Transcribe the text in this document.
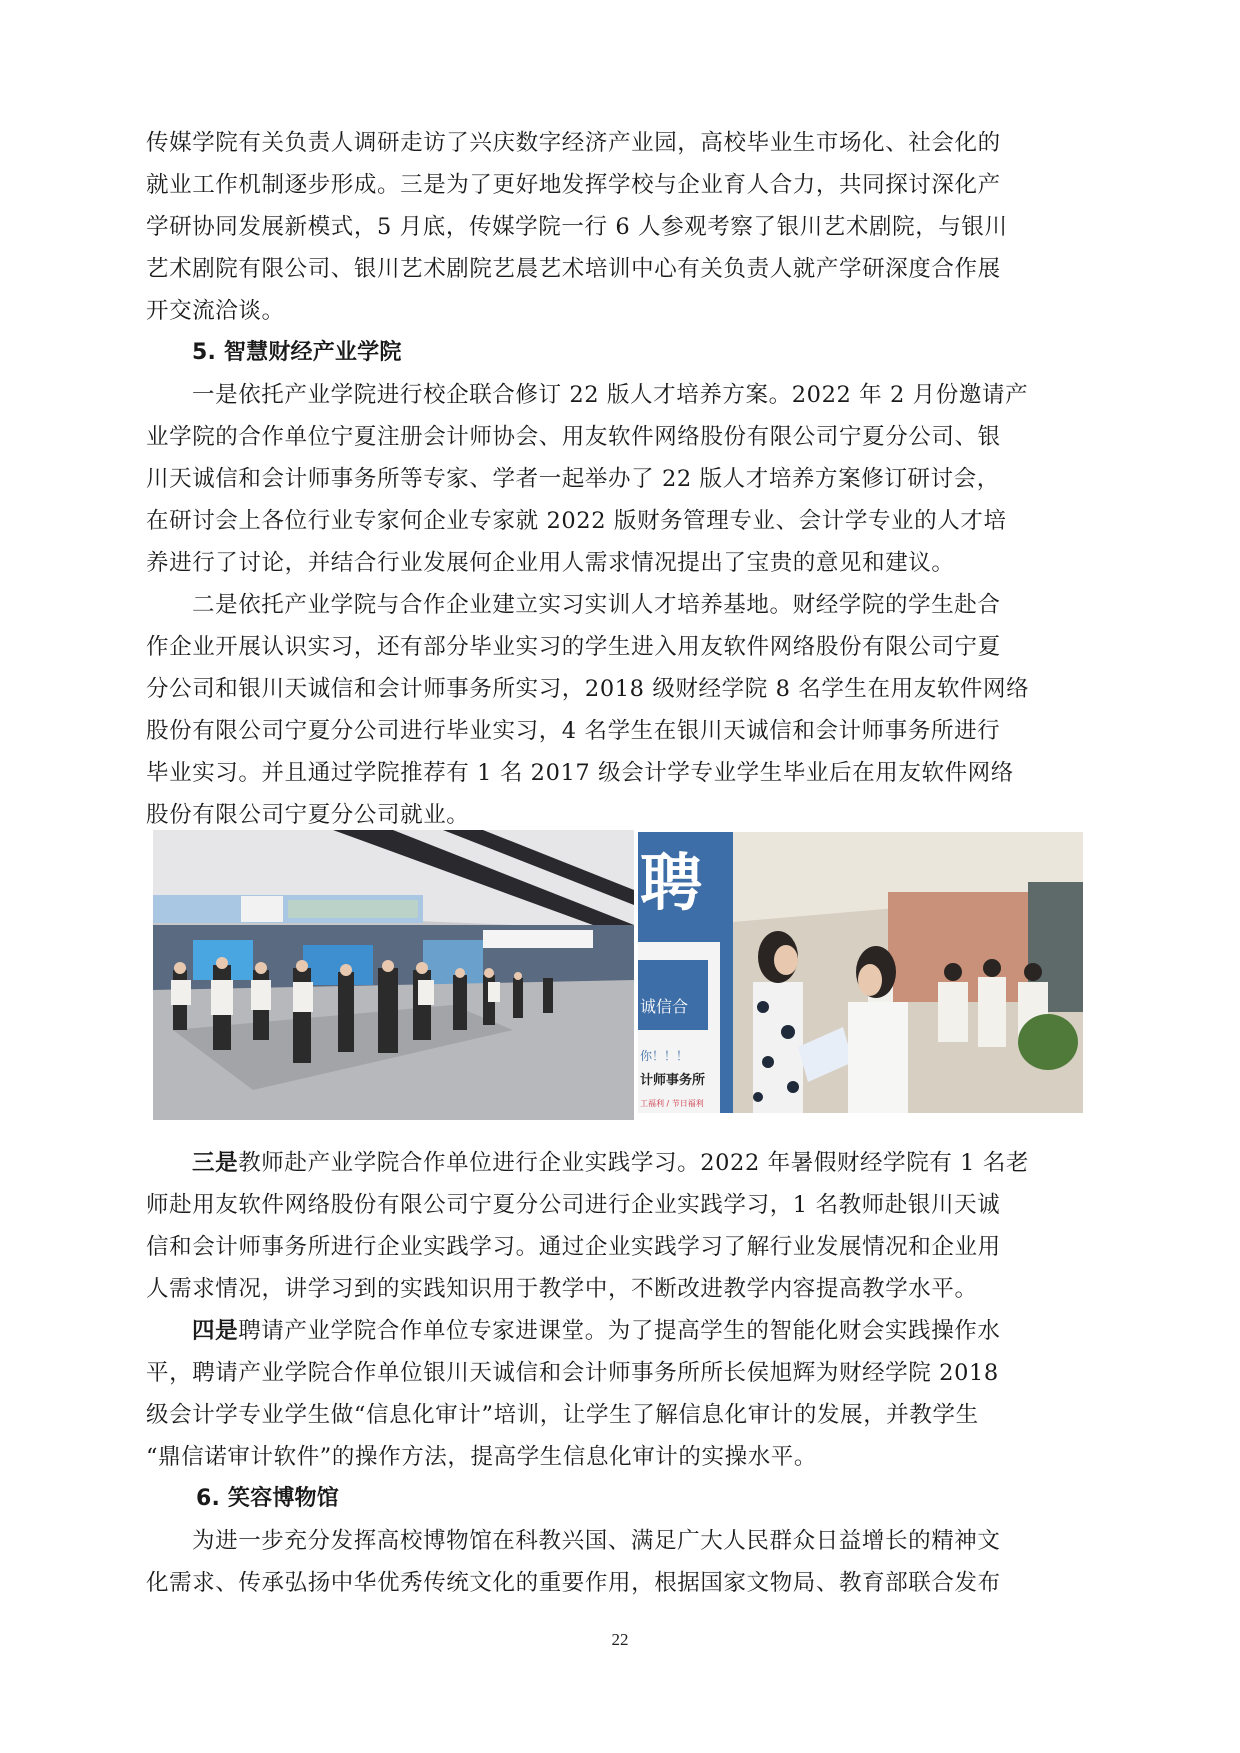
传媒学院有关负责人调研走访了兴庆数字经济产业园，高校毕业生市场化、社会化的
就业工作机制逐步形成。三是为了更好地发挥学校与企业育人合力，共同探讨深化产
学研协同发展新模式，5 月底，传媒学院一行 6 人参观考察了银川艺术剧院，与银川
艺术剧院有限公司、银川艺术剧院艺晨艺术培训中心有关负责人就产学研深度合作展
开交流洽谈。
5. 智慧财经产业学院
一是依托产业学院进行校企联合修订 22 版人才培养方案。2022 年 2 月份邀请产
业学院的合作单位宁夏注册会计师协会、用友软件网络股份有限公司宁夏分公司、银
川天诚信和会计师事务所等专家、学者一起举办了 22 版人才培养方案修订研讨会，
在研讨会上各位行业专家何企业专家就 2022 版财务管理专业、会计学专业的人才培
养进行了讨论，并结合行业发展何企业用人需求情况提出了宝贵的意见和建议。
二是依托产业学院与合作企业建立实习实训人才培养基地。财经学院的学生赴合
作企业开展认识实习，还有部分毕业实习的学生进入用友软件网络股份有限公司宁夏
分公司和银川天诚信和会计师事务所实习，2018 级财经学院 8 名学生在用友软件网络
股份有限公司宁夏分公司进行毕业实习，4 名学生在银川天诚信和会计师事务所进行
毕业实习。并且通过学院推荐有 1 名 2017 级会计学专业学生毕业后在用友软件网络
股份有限公司宁夏分公司就业。
聘
诚信合
你！！！
计师事务所
工福利 / 节日福利
三是教师赴产业学院合作单位进行企业实践学习。2022 年暑假财经学院有 1 名老
师赴用友软件网络股份有限公司宁夏分公司进行企业实践学习，1 名教师赴银川天诚
信和会计师事务所进行企业实践学习。通过企业实践学习了解行业发展情况和企业用
人需求情况，讲学习到的实践知识用于教学中，不断改进教学内容提高教学水平。
四是聘请产业学院合作单位专家进课堂。为了提高学生的智能化财会实践操作水
平，聘请产业学院合作单位银川天诚信和会计师事务所所长侯旭辉为财经学院 2018
级会计学专业学生做“信息化审计”培训，让学生了解信息化审计的发展，并教学生
“鼎信诺审计软件”的操作方法，提高学生信息化审计的实操水平。
6. 笑容博物馆
为进一步充分发挥高校博物馆在科教兴国、满足广大人民群众日益增长的精神文
化需求、传承弘扬中华优秀传统文化的重要作用，根据国家文物局、教育部联合发布
22
